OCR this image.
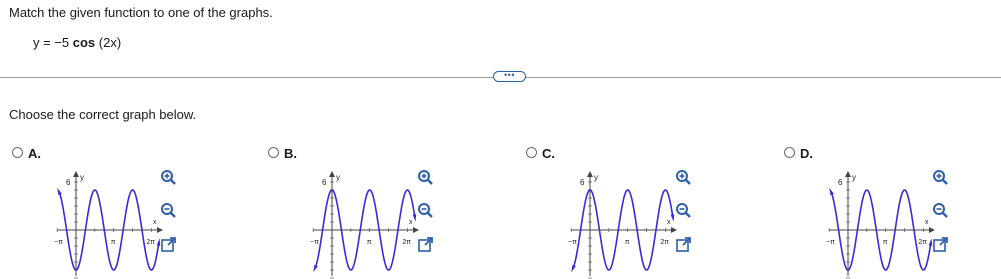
Match the given function to one of the graphs.
y = −5 cos (2x)
•••
Choose the correct graph below.
A.
y
6
x
−π	π	2π
B.
y
6
x
−π	π	2π
C.
y
6
x
−π	π	2π
D.
y
6
x
−π	π	2π
